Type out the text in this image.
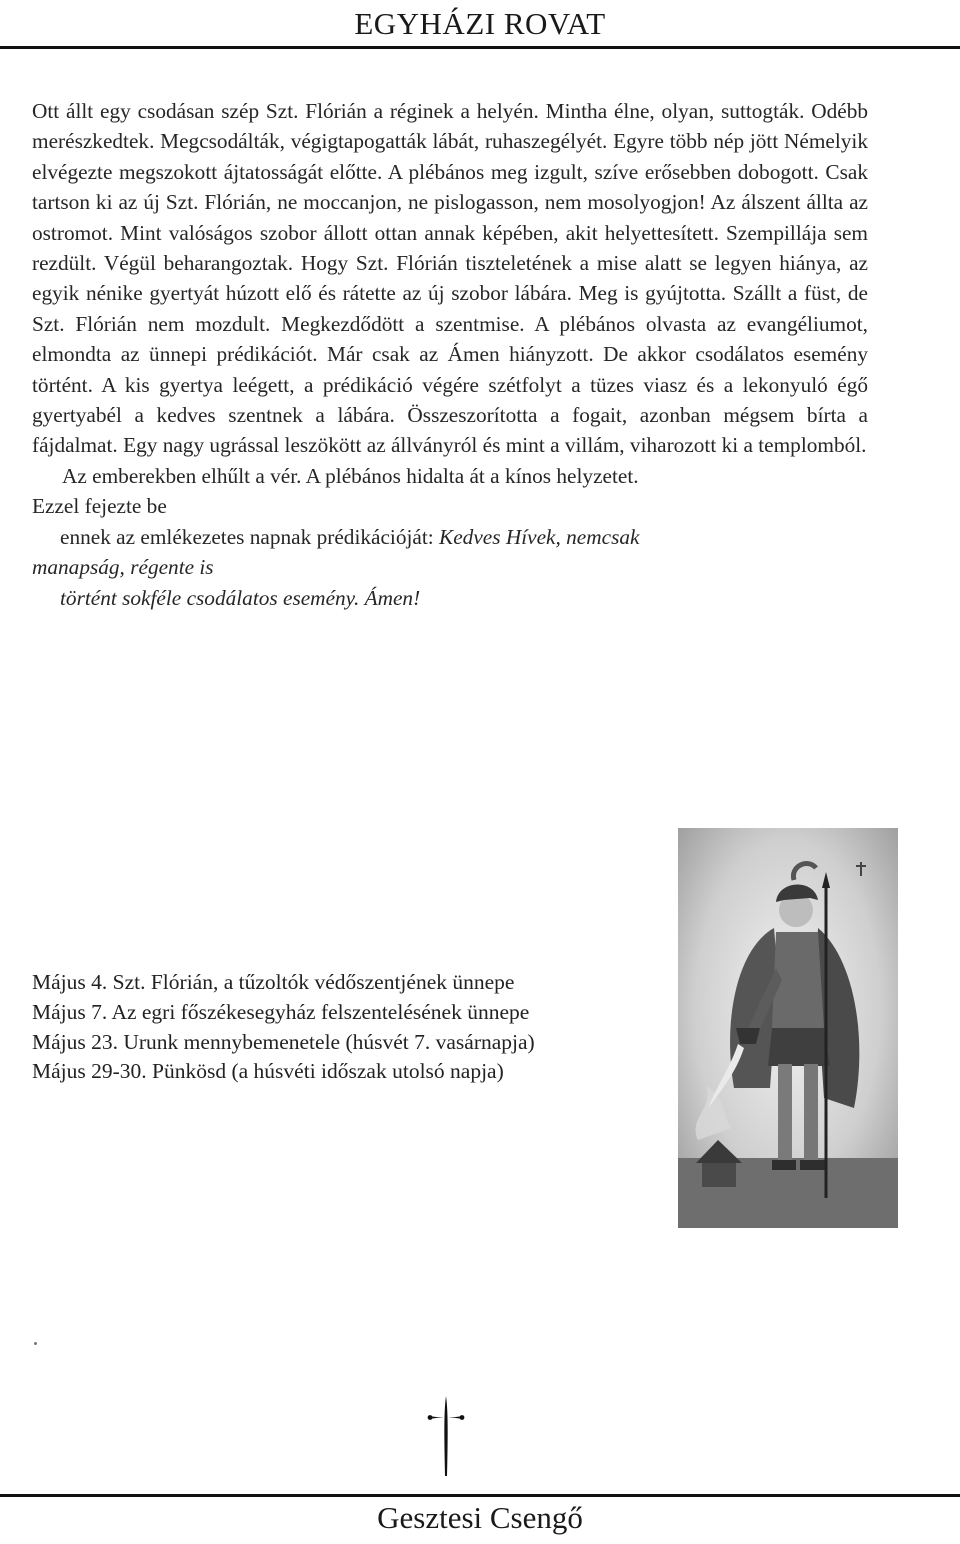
EGYHÁZI ROVAT

Ott állt egy csodásan szép Szt. Flórián a réginek a helyén. Mintha élne, olyan, suttogták. Odébb merészkedtek. Megcsodálták, végigtapogatták lábát, ruhaszegélyét. Egyre több nép jött Némelyik elvégezte megszokott ájtatosságát előtte. A plébános meg izgult, szíve erősebben dobogott. Csak tartson ki az új Szt. Flórián, ne moccanjon, ne pislogasson, nem mosolyogjon! Az álszent állta az ostromot. Mint valóságos szobor állott ottan annak képében, akit helyettesített. Szempillája sem rezdült. Végül beharangoztak. Hogy Szt. Flórián tiszteletének a mise alatt se legyen hiánya, az egyik nénike gyertyát húzott elő és rátette az új szobor lábára. Meg is gyújtotta. Szállt a füst, de Szt. Flórián nem mozdult. Megkezdődött a szentmise. A plébános olvasta az evangéliumot, elmondta az ünnepi prédikációt. Már csak az Ámen hiányzott. De akkor csodálatos esemény történt. A kis gyertya leégett, a prédikáció végére szétfolyt a tüzes viasz és a lekonyuló égő gyertyabél a kedves szentnek a lábára. Összeszorította a fogait, azonban mégsem bírta a fájdalmat. Egy nagy ugrással leszökött az állványról és mint a villám, viharozott ki a templomból.

Az emberekben elhűlt a vér. A plébános hidalta át a kínos helyzetet.

Ezzel fejezte be

ennek az emlékezetes napnak prédikációját: Kedves Hívek, nemcsak

manapság, régente is

történt sokféle csodálatos esemény. Ámen!

Május 4. Szt. Flórián, a tűzoltók védőszentjének ünnepe

Május 7. Az egri főszékesegyház felszentelésének ünnepe

Május 23. Urunk mennybemenetele (húsvét 7. vasárnapja)

Május 29-30. Pünkösd (a húsvéti időszak utolsó napja)

Gesztesi Csengő
